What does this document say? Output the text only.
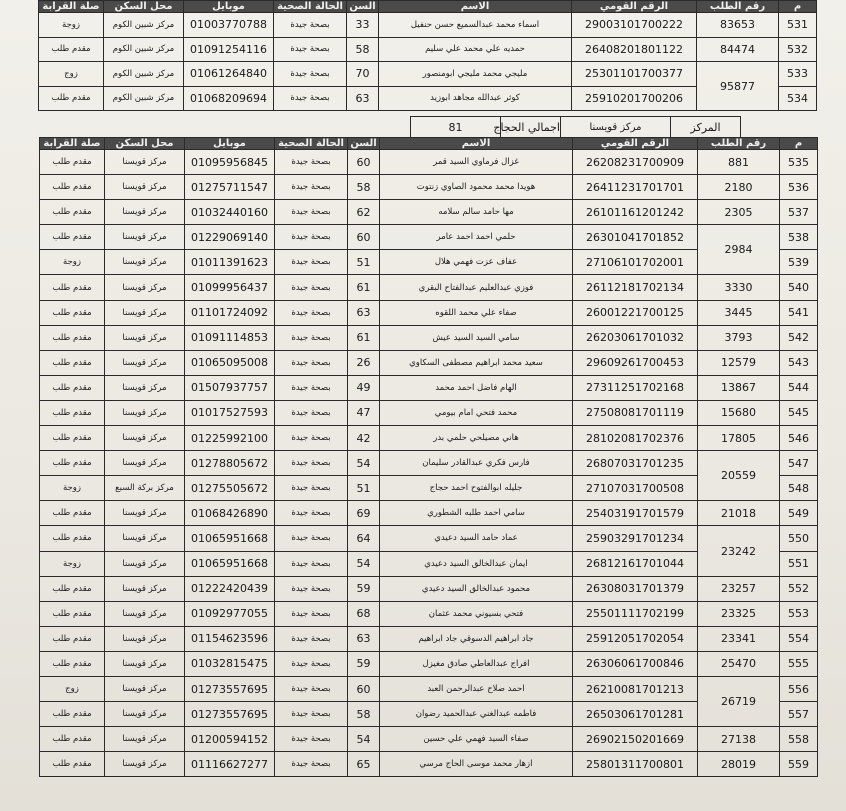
م	رقم الطلب	الرقم القومي	الاسم	السن	الحالة الصحية	موبايل	محل السكن	صلة القرابة
531	83653	29003101700222	اسماء محمد عبدالسميع حسن حنفيل	33	بصحة جيدة	01003770788	مركز شبين الكوم	زوجة
532	84474	26408201801122	حمديه علي محمد علي سليم	58	بصحة جيدة	01091254116	مركز شبين الكوم	مقدم طلب
533	95877	25301101700377	مليجي محمد مليجي ابومنصور	70	بصحة جيدة	01061264840	مركز شبين الكوم	زوج
534		25910201700206	كوثر عبدالله مجاهد ابوزيد	63	بصحة جيدة	01068209694	مركز شبين الكوم	مقدم طلب
المركز	مركز قويسنا	اجمالي الحجاج	81
م	رقم الطلب	الرقم القومي	الاسم	السن	الحالة الصحية	موبايل	محل السكن	صلة القرابة
535	881	26208231700909	غزال فرماوي السيد قمر	60	بصحة جيدة	01095956845	مركز قويسنا	مقدم طلب
536	2180	26411231701701	هويدا محمد محمود الصاوي زنتوت	58	بصحة جيدة	01275711547	مركز قويسنا	مقدم طلب
537	2305	26101161201242	مها حامد سالم سلامه	62	بصحة جيدة	01032440160	مركز قويسنا	مقدم طلب
538	2984	26301041701852	حلمي احمد احمد عامر	60	بصحة جيدة	01229069140	مركز قويسنا	مقدم طلب
539		27106101702001	عفاف عزت فهمي هلال	51	بصحة جيدة	01011391623	مركز قويسنا	زوجة
540	3330	26112181702134	فوزي عبدالعليم عبدالفتاح البقري	61	بصحة جيدة	01099956437	مركز قويسنا	مقدم طلب
541	3445	26001221700125	صفاء علي محمد اللقوه	63	بصحة جيدة	01101724092	مركز قويسنا	مقدم طلب
542	3793	26203061701032	سامي السيد السيد عيش	61	بصحة جيدة	01091114853	مركز قويسنا	مقدم طلب
543	12579	29609261700453	سعيد محمد ابراهيم مصطفى السكاوي	26	بصحة جيدة	01065095008	مركز قويسنا	مقدم طلب
544	13867	27311251702168	الهام فاضل احمد محمد	49	بصحة جيدة	01507937757	مركز قويسنا	مقدم طلب
545	15680	27508081701119	محمد فتحي امام بيومي	47	بصحة جيدة	01017527593	مركز قويسنا	مقدم طلب
546	17805	28102081702376	هاني مصيلحي حلمي بدر	42	بصحة جيدة	01225992100	مركز قويسنا	مقدم طلب
547	20559	26807031701235	فارس فكري عبدالقادر سليمان	54	بصحة جيدة	01278805672	مركز قويسنا	مقدم طلب
548		27107031700508	جليله ابوالفتوح احمد حجاج	51	بصحة جيدة	01275505672	مركز بركة السبع	زوجة
549	21018	25403191701579	سامي احمد طلبه الشطوري	69	بصحة جيدة	01068426890	مركز قويسنا	مقدم طلب
550	23242	25903291701234	عماد حامد السيد دعيدي	64	بصحة جيدة	01065951668	مركز قويسنا	مقدم طلب
551		26812161701044	ايمان عبدالخالق السيد دعيدي	54	بصحة جيدة	01065951668	مركز قويسنا	زوجة
552	23257	26308031701379	محمود عبدالخالق السيد دعيدي	59	بصحة جيدة	01222420439	مركز قويسنا	مقدم طلب
553	23325	25501111702199	فتحي بسيوني محمد عثمان	68	بصحة جيدة	01092977055	مركز قويسنا	مقدم طلب
554	23341	25912051702054	جاد ابراهيم الدسوقي جاد ابراهيم	63	بصحة جيدة	01154623596	مركز قويسنا	مقدم طلب
555	25470	26306061700846	افراج عبدالعاطي صادق مغيزل	59	بصحة جيدة	01032815475	مركز قويسنا	مقدم طلب
556	26719	26210081701213	احمد صلاح عبدالرحمن العبد	60	بصحة جيدة	01273557695	مركز قويسنا	زوج
557		26503061701281	فاطمه عبدالغني عبدالحميد رضوان	58	بصحة جيدة	01273557695	مركز قويسنا	مقدم طلب
558	27138	26902150201669	صفاء السيد فهمي علي حسين	54	بصحة جيدة	01200594152	مركز قويسنا	مقدم طلب
559	28019	25801311700801	ازهار محمد موسى الحاج مرسي	65	بصحة جيدة	01116627277	مركز قويسنا	مقدم طلب
